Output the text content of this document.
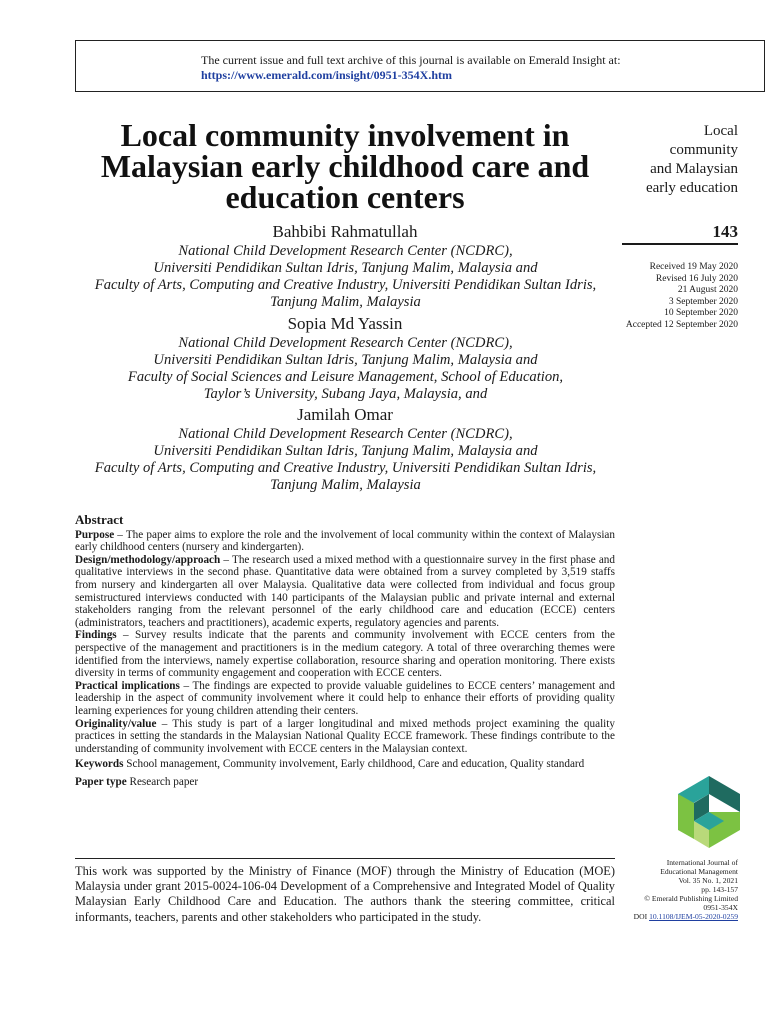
The current issue and full text archive of this journal is available on Emerald Insight at:
https://www.emerald.com/insight/0951-354X.htm
Local community involvement in Malaysian early childhood care and education centers
Bahbibi Rahmatullah
National Child Development Research Center (NCDRC),
Universiti Pendidikan Sultan Idris, Tanjung Malim, Malaysia and
Faculty of Arts, Computing and Creative Industry, Universiti Pendidikan Sultan Idris,
Tanjung Malim, Malaysia
Sopia Md Yassin
National Child Development Research Center (NCDRC),
Universiti Pendidikan Sultan Idris, Tanjung Malim, Malaysia and
Faculty of Social Sciences and Leisure Management, School of Education,
Taylor’s University, Subang Jaya, Malaysia, and
Jamilah Omar
National Child Development Research Center (NCDRC),
Universiti Pendidikan Sultan Idris, Tanjung Malim, Malaysia and
Faculty of Arts, Computing and Creative Industry, Universiti Pendidikan Sultan Idris,
Tanjung Malim, Malaysia
Local
community
and Malaysian
early education
143
Received 19 May 2020
Revised 16 July 2020
21 August 2020
3 September 2020
10 September 2020
Accepted 12 September 2020
Abstract

Purpose – The paper aims to explore the role and the involvement of local community within the context of Malaysian early childhood centers (nursery and kindergarten).

Design/methodology/approach – The research used a mixed method with a questionnaire survey in the first phase and qualitative interviews in the second phase. Quantitative data were obtained from a survey completed by 3,519 staffs from nursery and kindergarten all over Malaysia. Qualitative data were collected from individual and focus group semistructured interviews conducted with 140 participants of the Malaysian public and private internal and external stakeholders ranging from the relevant personnel of the early childhood care and education (ECCE) centers (administrators, teachers and practitioners), academic experts, regulatory agencies and parents.

Findings – Survey results indicate that the parents and community involvement with ECCE centers from the perspective of the management and practitioners is in the medium category. A total of three overarching themes were identified from the interviews, namely expertise collaboration, resource sharing and operation monitoring. There exists diversity in terms of community engagement and cooperation with ECCE centers.

Practical implications – The findings are expected to provide valuable guidelines to ECCE centers’ management and leadership in the aspect of community involvement where it could help to enhance their efforts of providing quality learning experiences for young children attending their centers.

Originality/value – This study is part of a larger longitudinal and mixed methods project examining the quality practices in setting the standards in the Malaysian National Quality ECCE framework. These findings contribute to the understanding of community involvement with ECCE centers in the Malaysian context.

Keywords School management, Community involvement, Early childhood, Care and education, Quality standard
Paper type Research paper
This work was supported by the Ministry of Finance (MOF) through the Ministry of Education (MOE) Malaysia under grant 2015-0024-106-04 Development of a Comprehensive and Integrated Model of Quality Malaysian Early Childhood Care and Education. The authors thank the steering committee, critical informants, teachers, parents and other stakeholders who participated in the study.
International Journal of
Educational Management
Vol. 35 No. 1, 2021
pp. 143-157
© Emerald Publishing Limited
0951-354X
DOI 10.1108/IJEM-05-2020-0259
